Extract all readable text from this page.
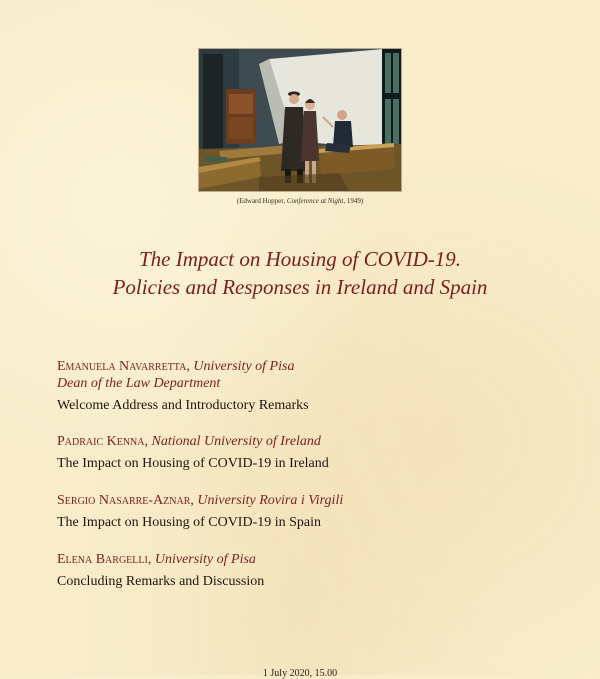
(Edward Hopper, Conference at Night, 1949)
The Impact on Housing of COVID-19.
Policies and Responses in Ireland and Spain
Emanuela Navarretta, University of Pisa
Dean of the Law Department
Welcome Address and Introductory Remarks
Padraic Kenna, National University of Ireland
The Impact on Housing of COVID-19 in Ireland
Sergio Nasarre-Aznar, University Rovira i Virgili
The Impact on Housing of COVID-19 in Spain
Elena Bargelli, University of Pisa
Concluding Remarks and Discussion
1 July 2020, 15.00
